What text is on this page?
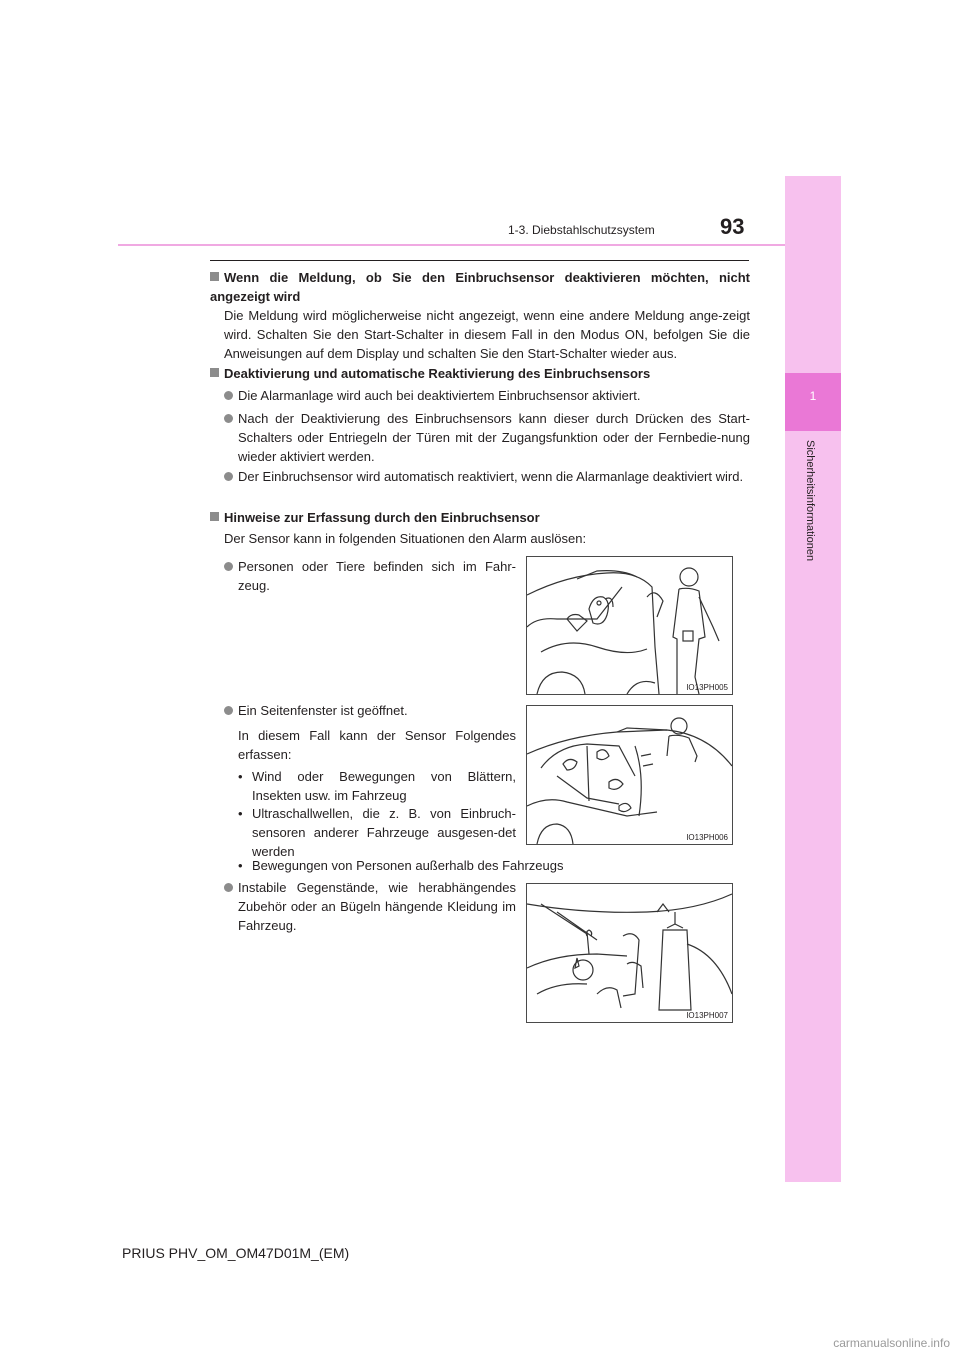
1-3. Diebstahlschutzsystem	93
1
Sicherheitsinformationen
Wenn die Meldung, ob Sie den Einbruchsensor deaktivieren möchten, nicht angezeigt wird
Die Meldung wird möglicherweise nicht angezeigt, wenn eine andere Meldung ange-zeigt wird. Schalten Sie den Start-Schalter in diesem Fall in den Modus ON, befolgen Sie die Anweisungen auf dem Display und schalten Sie den Start-Schalter wieder aus.
Deaktivierung und automatische Reaktivierung des Einbruchsensors
Die Alarmanlage wird auch bei deaktiviertem Einbruchsensor aktiviert.
Nach der Deaktivierung des Einbruchsensors kann dieser durch Drücken des Start-Schalters oder Entriegeln der Türen mit der Zugangsfunktion oder der Fernbedie-nung wieder aktiviert werden.
Der Einbruchsensor wird automatisch reaktiviert, wenn die Alarmanlage deaktiviert wird.
Hinweise zur Erfassung durch den Einbruchsensor
Der Sensor kann in folgenden Situationen den Alarm auslösen:
Personen oder Tiere befinden sich im Fahr-zeug.
IO13PH005
Ein Seitenfenster ist geöffnet.
In diesem Fall kann der Sensor Folgendes erfassen:
• Wind oder Bewegungen von Blättern, Insekten usw. im Fahrzeug
• Ultraschallwellen, die z. B. von Einbruch-sensoren anderer Fahrzeuge ausgesen-det werden
• Bewegungen von Personen außerhalb des Fahrzeugs
IO13PH006
Instabile Gegenstände, wie herabhängendes Zubehör oder an Bügeln hängende Kleidung im Fahrzeug.
IO13PH007
PRIUS PHV_OM_OM47D01M_(EM)
carmanualsonline.info
